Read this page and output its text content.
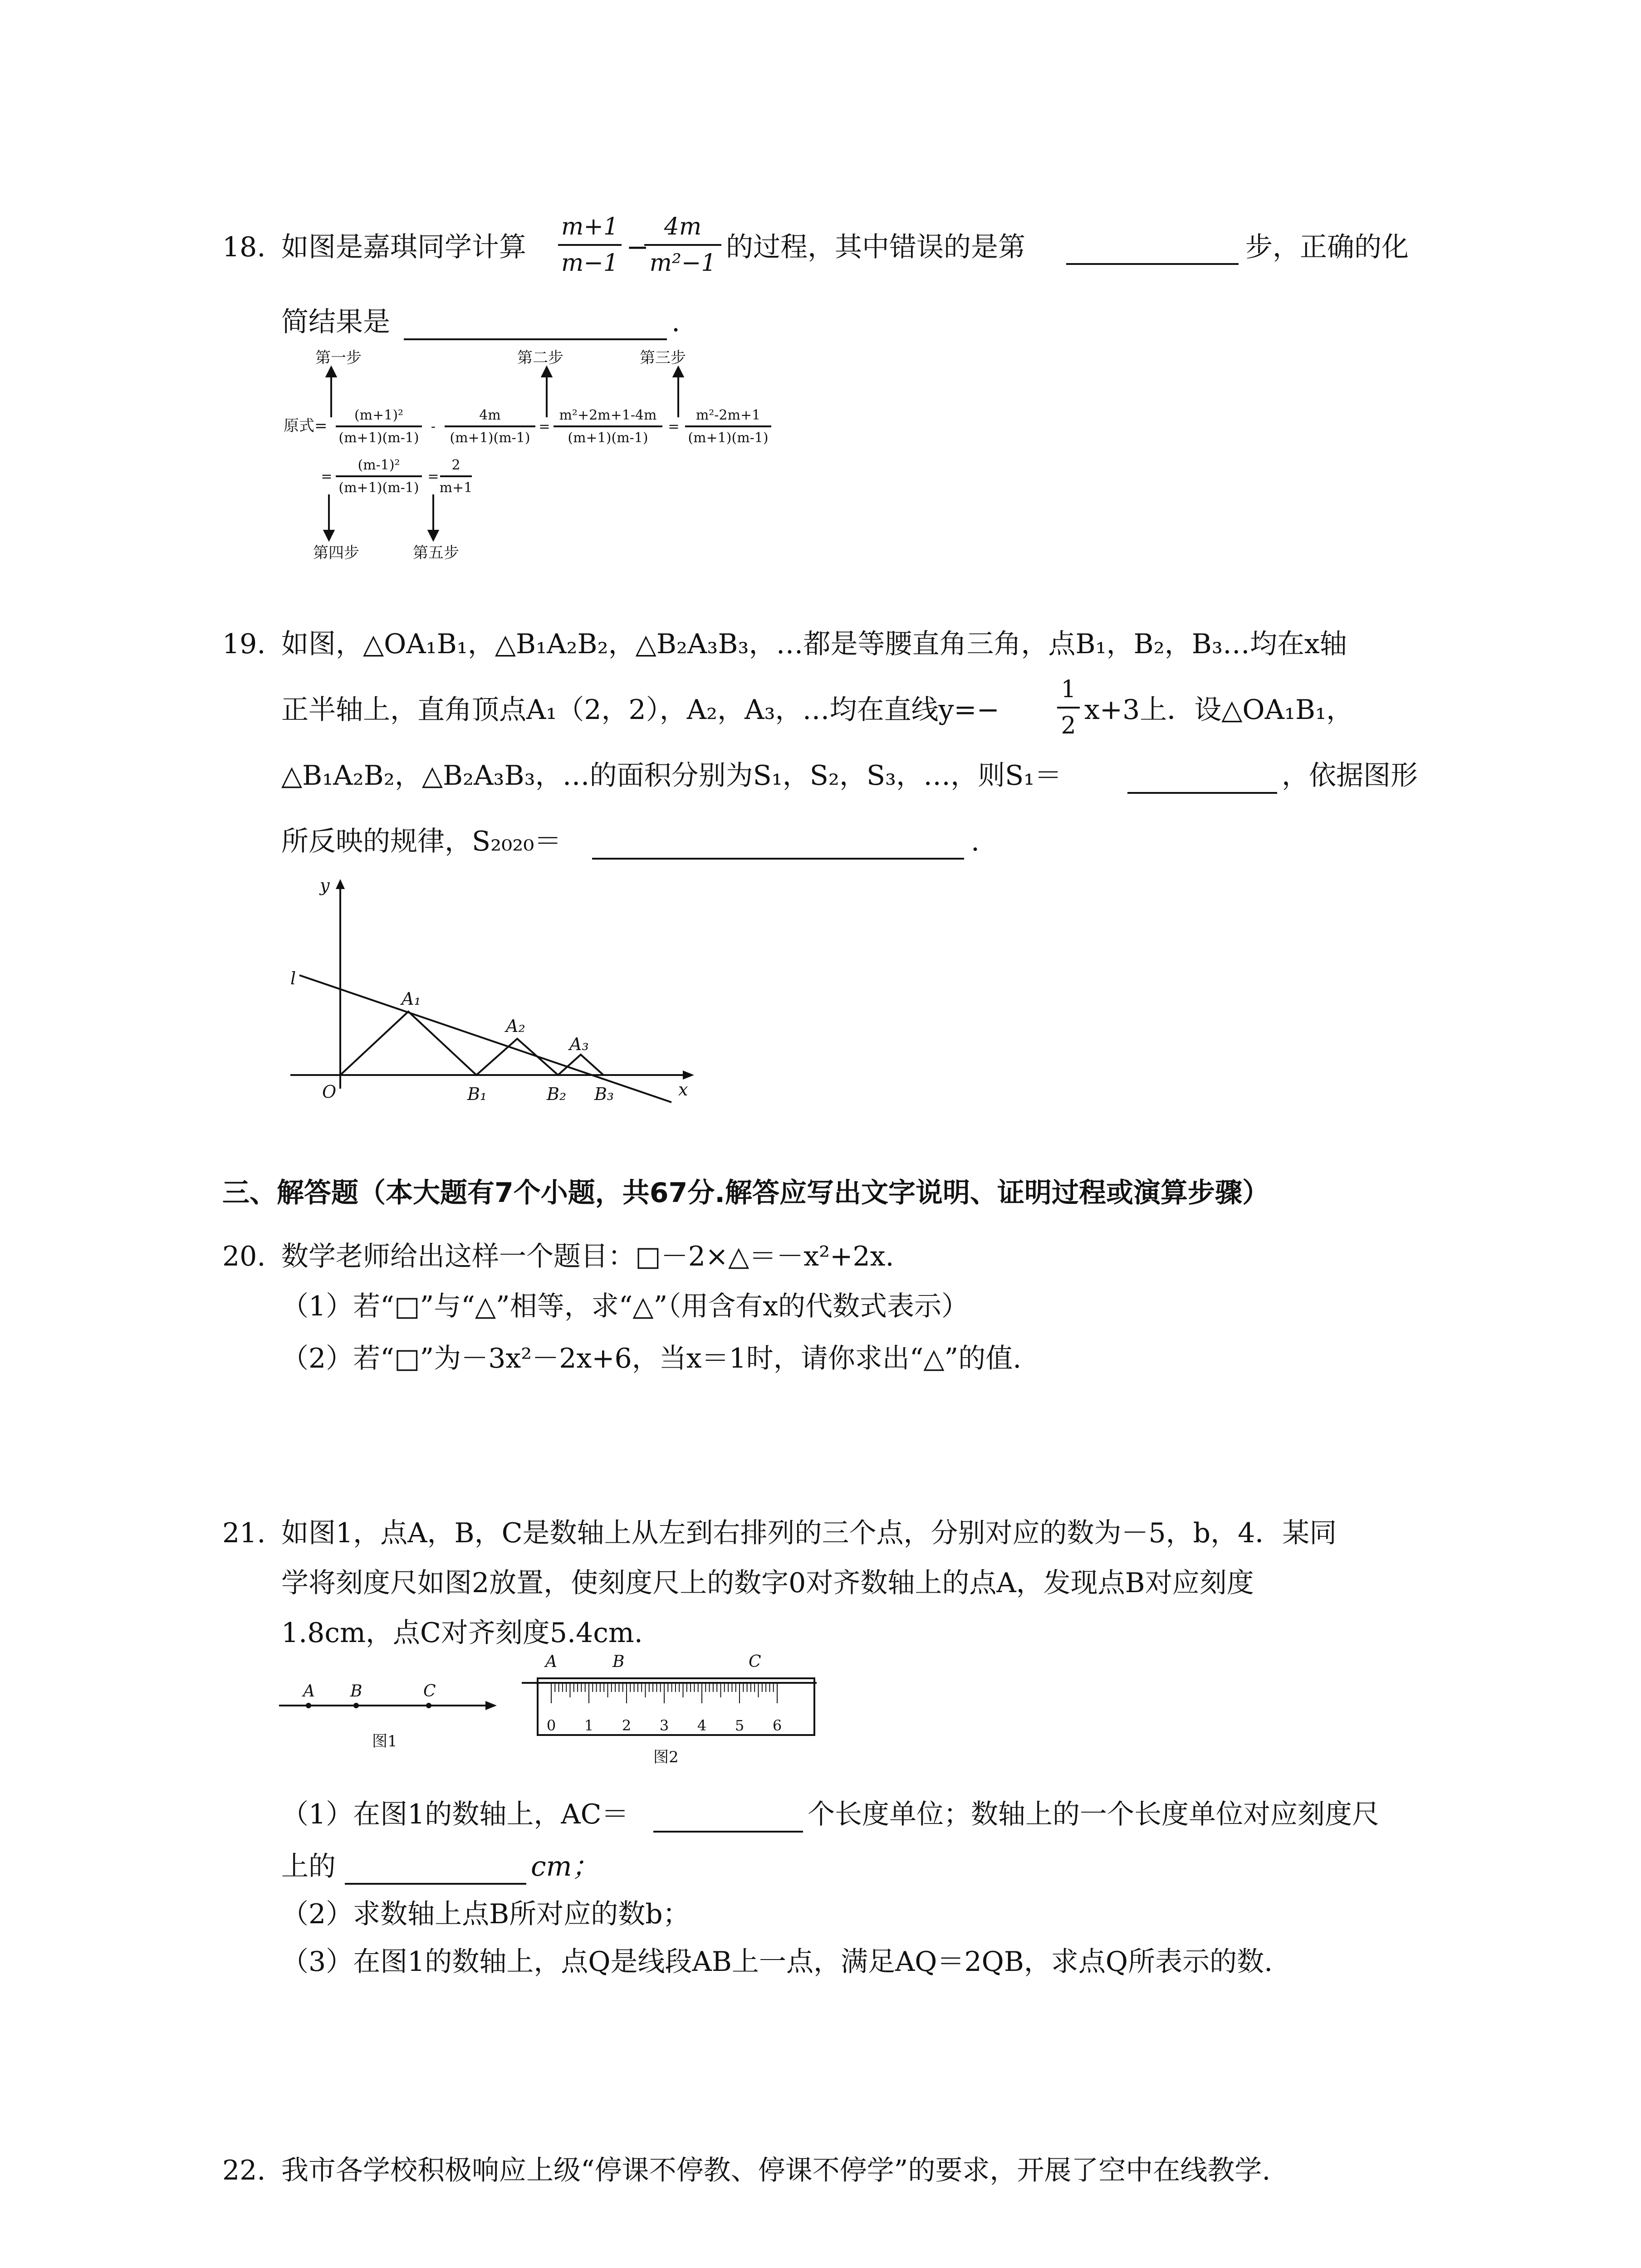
18. 如图是嘉琪同学计算
m+1
m−1 −
4m
m²−1 的过程，其中错误的是第	步，正确的化
简结果是	.
第一步	第二步	第三步
第四步	第五步
原式=
(m+1)²
(m+1)(m-1)
-
4m
(m+1)(m-1)
=
m²+2m+1-4m
(m+1)(m-1)
=
m²-2m+1
(m+1)(m-1)
=
(m-1)²
(m+1)(m-1)
=
2
m+1
19. 如图，△OA₁B₁，△B₁A₂B₂，△B₂A₃B₃，…都是等腰直角三角，点B₁，B₂，B₃…均在x轴
正半轴上，直角顶点A₁（2，2），A₂，A₃，…均在直线y=−
1
2 x+3上．设△OA₁B₁，
△B₁A₂B₂，△B₂A₃B₃，…的面积分别为S₁，S₂，S₃，…，则S₁＝	，依据图形
所反映的规律，S₂₀₂₀＝	.
y
x
l
O
A₁
A₂
A₃
B₁	B₂ B₃
三、解答题（本大题有7个小题，共67分.解答应写出文字说明、证明过程或演算步骤）
20. 数学老师给出这样一个题目：□－2×△＝－x²+2x.
（1）若“□”与“△”相等，求“△”（用含有x的代数式表示）
（2）若“□”为－3x²－2x+6，当x＝1时，请你求出“△”的值.
21. 如图1，点A，B，C是数轴上从左到右排列的三个点，分别对应的数为－5，b，4．某同
学将刻度尺如图2放置，使刻度尺上的数字0对齐数轴上的点A，发现点B对应刻度
1.8cm，点C对齐刻度5.4cm.
A B	C
图1
A	B	C
0 1 2 3 4 5 6
图2
（1）在图1的数轴上，AC＝	个长度单位；数轴上的一个长度单位对应刻度尺
上的	cm；
（2）求数轴上点B所对应的数b；
（3）在图1的数轴上，点Q是线段AB上一点，满足AQ＝2QB，求点Q所表示的数.
22. 我市各学校积极响应上级“停课不停教、停课不停学”的要求，开展了空中在线教学.
